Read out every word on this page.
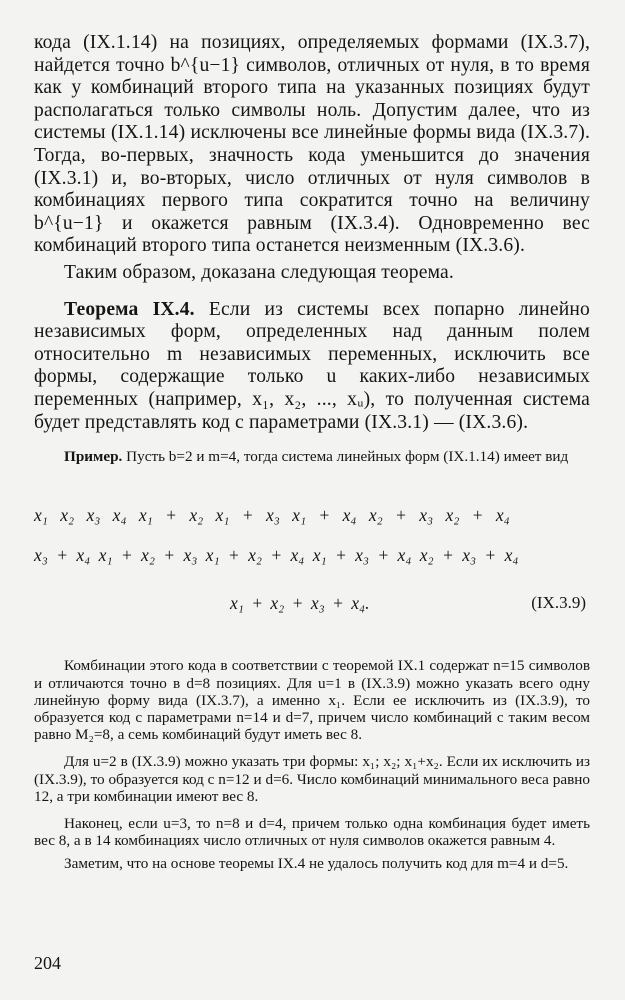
кода (IX.1.14) на позициях, определяемых формами (IX.3.7), найдется точно b^{u−1} символов, отличных от нуля, в то время как у комбинаций второго типа на указанных позициях будут располагаться только символы ноль. Допустим далее, что из системы (IX.1.14) исключены все линейные формы вида (IX.3.7). Тогда, во-первых, значность кода уменьшится до значения (IX.3.1) и, во-вторых, число отличных от нуля символов в комбинациях первого типа сократится точно на величину b^{u−1} и окажется равным (IX.3.4). Одновременно вес комбинаций второго типа останется неизменным (IX.3.6).

Таким образом, доказана следующая теорема.

Теорема IX.4. Если из системы всех попарно линейно независимых форм, определенных над данным полем относительно m независимых переменных, исключить все формы, содержащие только u каких-либо независимых переменных (например, x₁, x₂, ..., xᵤ), то полученная система будет представлять код с параметрами (IX.3.1) — (IX.3.6).

Пример. Пусть b=2 и m=4, тогда система линейных форм (IX.1.14) имеет вид

x₁ x₂ x₃ x₄ x₁ + x₂ x₁ + x₃ x₁ + x₄ x₂ + x₃ x₂ + x₄
x₃ + x₄ x₁ + x₂ + x₃ x₁ + x₂ + x₄ x₁ + x₃ + x₄ x₂ + x₃ + x₄
x₁ + x₂ + x₃ + x₄.	(IX.3.9)

Комбинации этого кода в соответствии с теоремой IX.1 содержат n=15 символов и отличаются точно в d=8 позициях. Для u=1 в (IX.3.9) можно указать всего одну линейную форму вида (IX.3.7), а именно x₁. Если ее исключить из (IX.3.9), то образуется код с параметрами n=14 и d=7, причем число комбинаций с таким весом равно M₂=8, а семь комбинаций будут иметь вес 8.

Для u=2 в (IX.3.9) можно указать три формы: x₁; x₂; x₁+x₂. Если их исключить из (IX.3.9), то образуется код с n=12 и d=6. Число комбинаций минимального веса равно 12, а три комбинации имеют вес 8.

Наконец, если u=3, то n=8 и d=4, причем только одна комбинация будет иметь вес 8, а в 14 комбинациях число отличных от нуля символов окажется равным 4.

Заметим, что на основе теоремы IX.4 не удалось получить код для m=4 и d=5.

204
